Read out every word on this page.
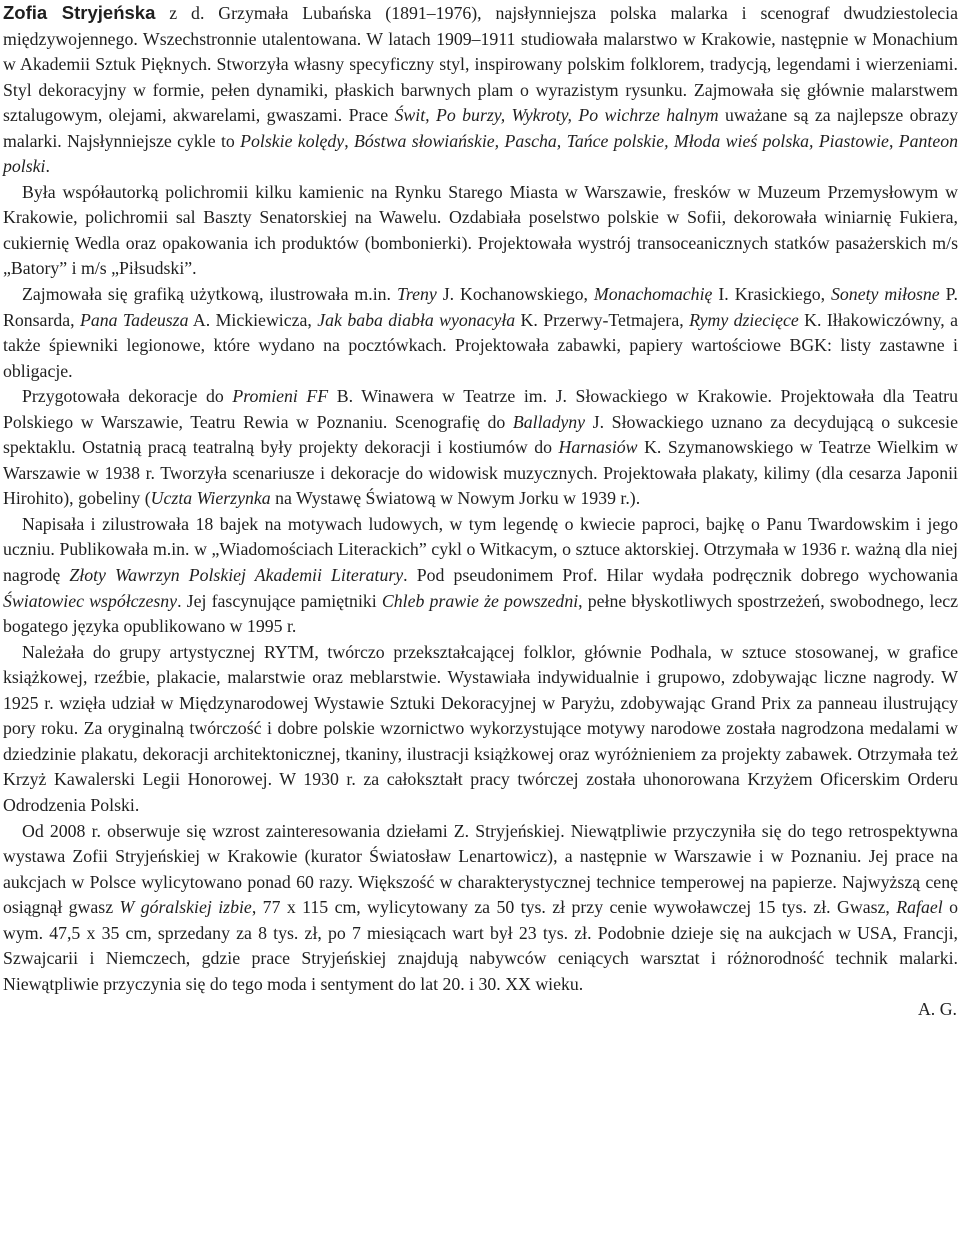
Zofia Stryjeńska z d. Grzymała Lubańska (1891–1976), najsłynniejsza polska malarka i scenograf dwudziestolecia międzywojennego. Wszechstronnie utalentowana. W latach 1909–1911 studiowała malarstwo w Krakowie, następnie w Monachium w Akademii Sztuk Pięknych. Stworzyła własny specyficzny styl, inspirowany polskim folklorem, tradycją, legendami i wierzeniami. Styl dekoracyjny w formie, pełen dynamiki, płaskich barwnych plam o wyrazistym rysunku. Zajmowała się głównie malarstwem sztalugowym, olejami, akwarelami, gwaszami. Prace Świt, Po burzy, Wykroty, Po wichrze halnym uważane są za najlepsze obrazy malarki. Najsłynniejsze cykle to Polskie kolędy, Bóstwa słowiańskie, Pascha, Tańce polskie, Młoda wieś polska, Piastowie, Panteon polski.

Była współautorką polichromii kilku kamienic na Rynku Starego Miasta w Warszawie, fresków w Muzeum Przemysłowym w Krakowie, polichromii sal Baszty Senatorskiej na Wawelu. Ozdabiała poselstwo polskie w Sofii, dekorowała winiarnię Fukiera, cukiernię Wedla oraz opakowania ich produktów (bombonierki). Projektowała wystrój transoceanicznych statków pasażerskich m/s „Batory” i m/s „Piłsudski”.

Zajmowała się grafiką użytkową, ilustrowała m.in. Treny J. Kochanowskiego, Monachomachię I. Krasickiego, Sonety miłosne P. Ronsarda, Pana Tadeusza A. Mickiewicza, Jak baba diabła wyonacyła K. Przerwy-Tetmajera, Rymy dziecięce K. Iłłakowiczówny, a także śpiewniki legionowe, które wydano na pocztówkach. Projektowała zabawki, papiery wartościowe BGK: listy zastawne i obligacje.

Przygotowała dekoracje do Promieni FF B. Winawera w Teatrze im. J. Słowackiego w Krakowie. Projektowała dla Teatru Polskiego w Warszawie, Teatru Rewia w Poznaniu. Scenografię do Balladyny J. Słowackiego uznano za decydującą o sukcesie spektaklu. Ostatnią pracą teatralną były projekty dekoracji i kostiumów do Harnasiów K. Szymanowskiego w Teatrze Wielkim w Warszawie w 1938 r. Tworzyła scenariusze i dekoracje do widowisk muzycznych. Projektowała plakaty, kilimy (dla cesarza Japonii Hirohito), gobeliny (Uczta Wierzynka na Wystawę Światową w Nowym Jorku w 1939 r.).

Napisała i zilustrowała 18 bajek na motywach ludowych, w tym legendę o kwiecie paproci, bajkę o Panu Twardowskim i jego uczniu. Publikowała m.in. w „Wiadomościach Literackich” cykl o Witkacym, o sztuce aktorskiej. Otrzymała w 1936 r. ważną dla niej nagrodę Złoty Wawrzyn Polskiej Akademii Literatury. Pod pseudonimem Prof. Hilar wydała podręcznik dobrego wychowania Światowiec współczesny. Jej fascynujące pamiętniki Chleb prawie że powszedni, pełne błyskotliwych spostrzeżeń, swobodnego, lecz bogatego języka opublikowano w 1995 r.

Należała do grupy artystycznej RYTM, twórczo przekształcającej folklor, głównie Podhala, w sztuce stosowanej, w grafice książkowej, rzeźbie, plakacie, malarstwie oraz meblarstwie. Wystawiała indywidualnie i grupowo, zdobywając liczne nagrody. W 1925 r. wzięła udział w Międzynarodowej Wystawie Sztuki Dekoracyjnej w Paryżu, zdobywając Grand Prix za panneau ilustrujący pory roku. Za oryginalną twórczość i dobre polskie wzornictwo wykorzystujące motywy narodowe została nagrodzona medalami w dziedzinie plakatu, dekoracji architektonicznej, tkaniny, ilustracji książkowej oraz wyróżnieniem za projekty zabawek. Otrzymała też Krzyż Kawalerski Legii Honorowej. W 1930 r. za całokształt pracy twórczej została uhonorowana Krzyżem Oficerskim Orderu Odrodzenia Polski.

Od 2008 r. obserwuje się wzrost zainteresowania dziełami Z. Stryjeńskiej. Niewątpliwie przyczyniła się do tego retrospektywna wystawa Zofii Stryjeńskiej w Krakowie (kurator Światosław Lenartowicz), a następnie w Warszawie i w Poznaniu. Jej prace na aukcjach w Polsce wylicytowano ponad 60 razy. Większość w charakterystycznej technice temperowej na papierze. Najwyższą cenę osiągnął gwasz W góralskiej izbie, 77 x 115 cm, wylicytowany za 50 tys. zł przy cenie wywoławczej 15 tys. zł. Gwasz, Rafael o wym. 47,5 x 35 cm, sprzedany za 8 tys. zł, po 7 miesiącach wart był 23 tys. zł. Podobnie dzieje się na aukcjach w USA, Francji, Szwajcarii i Niemczech, gdzie prace Stryjeńskiej znajdują nabywców ceniących warsztat i różnorodność technik malarki. Niewątpliwie przyczynia się do tego moda i sentyment do lat 20. i 30. XX wieku.

A. G.
